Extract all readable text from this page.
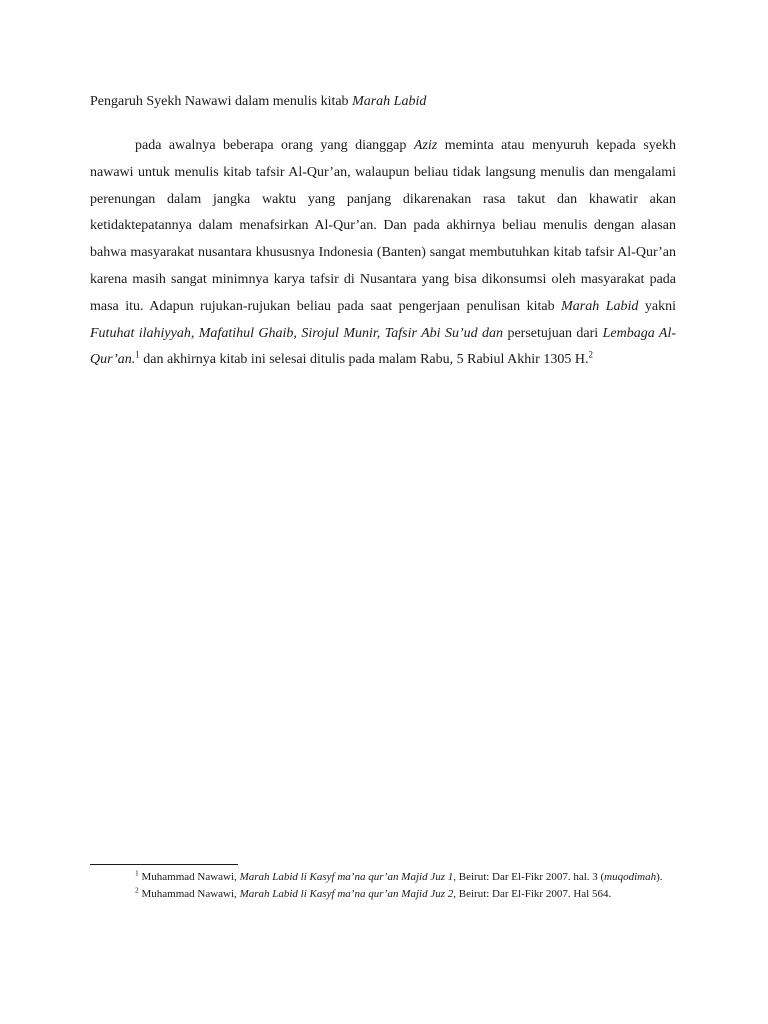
Pengaruh Syekh Nawawi dalam menulis kitab Marah Labid

pada awalnya beberapa orang yang dianggap Aziz meminta atau menyuruh kepada syekh nawawi untuk menulis kitab tafsir Al-Qur’an, walaupun beliau tidak langsung menulis dan mengalami perenungan dalam jangka waktu yang panjang dikarenakan rasa takut dan khawatir akan ketidaktepatannya dalam menafsirkan Al-Qur’an. Dan pada akhirnya beliau menulis dengan alasan bahwa masyarakat nusantara khususnya Indonesia (Banten) sangat membutuhkan kitab tafsir Al-Qur’an karena masih sangat minimnya karya tafsir di Nusantara yang bisa dikonsumsi oleh masyarakat pada masa itu. Adapun rujukan-rujukan beliau pada saat pengerjaan penulisan kitab Marah Labid yakni Futuhat ilahiyyah, Mafatihul Ghaib, Sirojul Munir, Tafsir Abi Su’ud dan persetujuan dari Lembaga Al-Qur’an.$^1$ dan akhirnya kitab ini selesai ditulis pada malam Rabu, 5 Rabiul Akhir 1305 H.$^2$

$^1$ Muhammad Nawawi, Marah Labid li Kasyf ma’na qur’an Majid Juz 1, Beirut: Dar El-Fikr 2007. hal. 3 (muqodimah).

$^2$ Muhammad Nawawi, Marah Labid li Kasyf ma’na qur’an Majid Juz 2, Beirut: Dar El-Fikr 2007. Hal 564.
